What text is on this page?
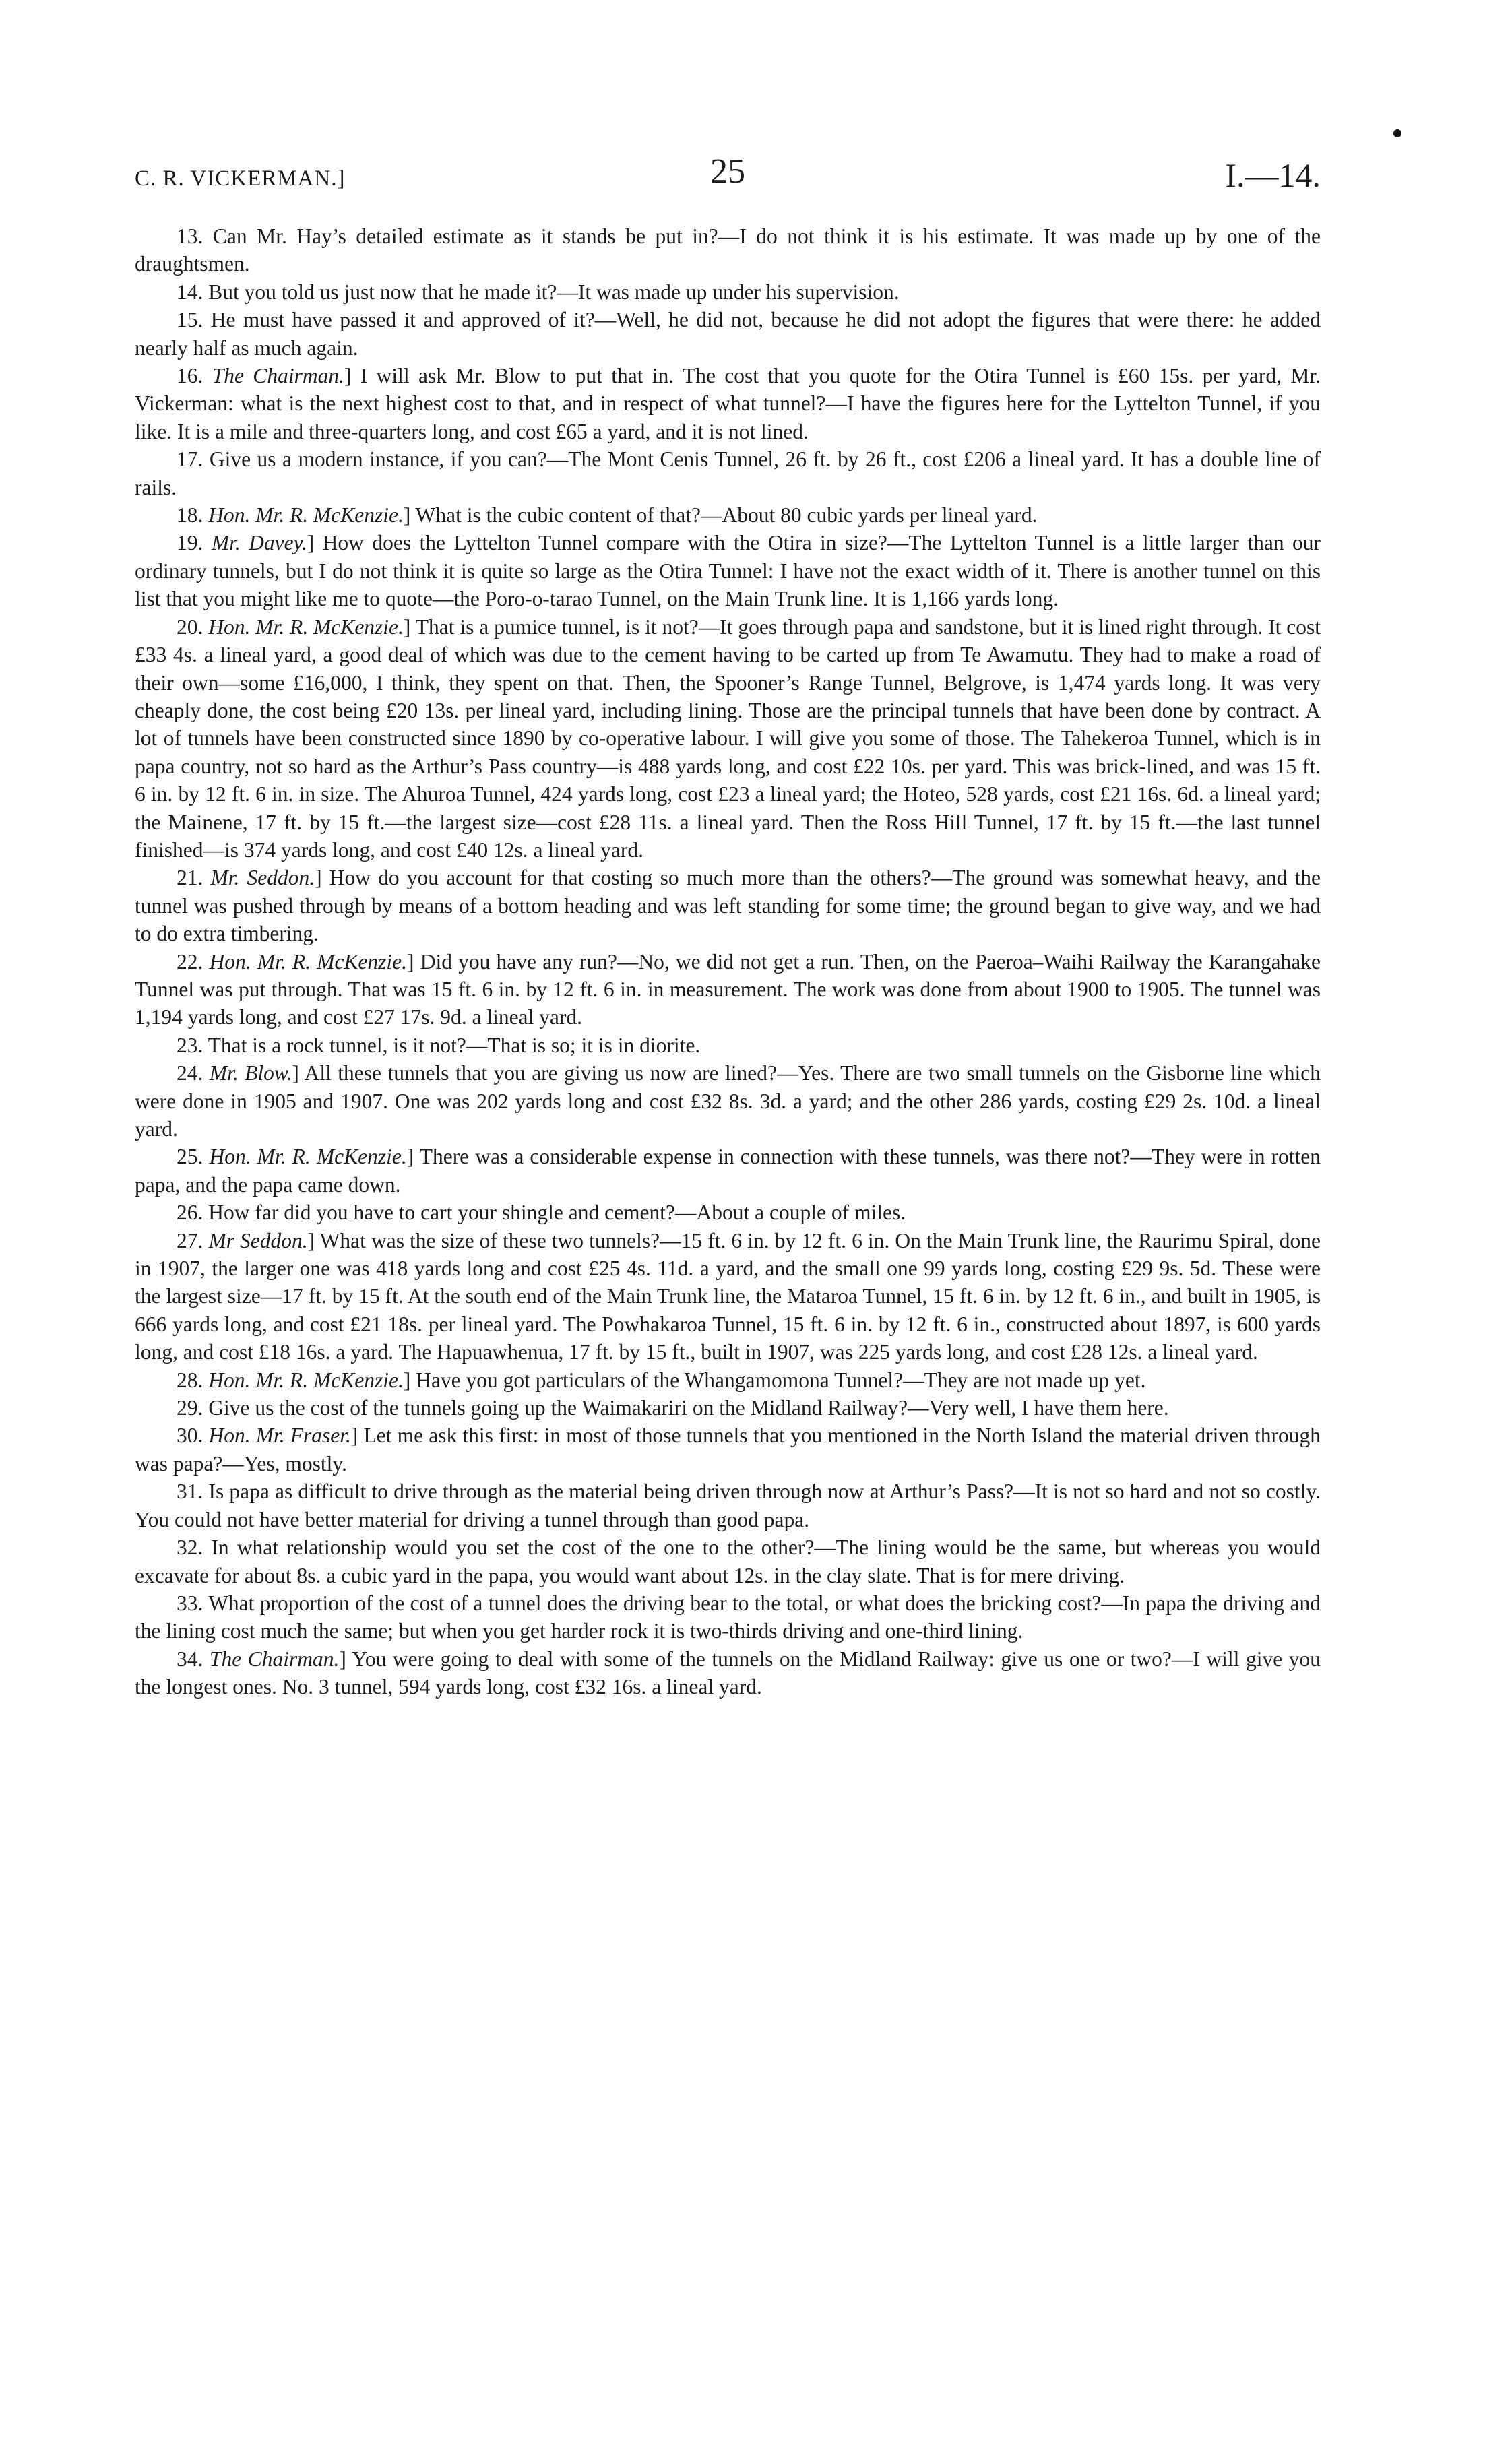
C. R. VICKERMAN.]	25	I.—14.

13. Can Mr. Hay’s detailed estimate as it stands be put in?—I do not think it is his estimate. It was made up by one of the draughtsmen.

14. But you told us just now that he made it?—It was made up under his supervision.

15. He must have passed it and approved of it?—Well, he did not, because he did not adopt the figures that were there: he added nearly half as much again.

16. The Chairman.] I will ask Mr. Blow to put that in. The cost that you quote for the Otira Tunnel is £60 15s. per yard, Mr. Vickerman: what is the next highest cost to that, and in respect of what tunnel?—I have the figures here for the Lyttelton Tunnel, if you like. It is a mile and three-quarters long, and cost £65 a yard, and it is not lined.

17. Give us a modern instance, if you can?—The Mont Cenis Tunnel, 26 ft. by 26 ft., cost £206 a lineal yard. It has a double line of rails.

18. Hon. Mr. R. McKenzie.] What is the cubic content of that?—About 80 cubic yards per lineal yard.

19. Mr. Davey.] How does the Lyttelton Tunnel compare with the Otira in size?—The Lyttelton Tunnel is a little larger than our ordinary tunnels, but I do not think it is quite so large as the Otira Tunnel: I have not the exact width of it. There is another tunnel on this list that you might like me to quote—the Poro-o-tarao Tunnel, on the Main Trunk line. It is 1,166 yards long.

20. Hon. Mr. R. McKenzie.] That is a pumice tunnel, is it not?—It goes through papa and sandstone, but it is lined right through. It cost £33 4s. a lineal yard, a good deal of which was due to the cement having to be carted up from Te Awamutu. They had to make a road of their own—some £16,000, I think, they spent on that. Then, the Spooner’s Range Tunnel, Belgrove, is 1,474 yards long. It was very cheaply done, the cost being £20 13s. per lineal yard, including lining. Those are the principal tunnels that have been done by contract. A lot of tunnels have been constructed since 1890 by co-operative labour. I will give you some of those. The Tahekeroa Tunnel, which is in papa country, not so hard as the Arthur’s Pass country—is 488 yards long, and cost £22 10s. per yard. This was brick-lined, and was 15 ft. 6 in. by 12 ft. 6 in. in size. The Ahuroa Tunnel, 424 yards long, cost £23 a lineal yard; the Hoteo, 528 yards, cost £21 16s. 6d. a lineal yard; the Mainene, 17 ft. by 15 ft.—the largest size—cost £28 11s. a lineal yard. Then the Ross Hill Tunnel, 17 ft. by 15 ft.—the last tunnel finished—is 374 yards long, and cost £40 12s. a lineal yard.

21. Mr. Seddon.] How do you account for that costing so much more than the others?—The ground was somewhat heavy, and the tunnel was pushed through by means of a bottom heading and was left standing for some time; the ground began to give way, and we had to do extra timbering.

22. Hon. Mr. R. McKenzie.] Did you have any run?—No, we did not get a run. Then, on the Paeroa–Waihi Railway the Karangahake Tunnel was put through. That was 15 ft. 6 in. by 12 ft. 6 in. in measurement. The work was done from about 1900 to 1905. The tunnel was 1,194 yards long, and cost £27 17s. 9d. a lineal yard.

23. That is a rock tunnel, is it not?—That is so; it is in diorite.

24. Mr. Blow.] All these tunnels that you are giving us now are lined?—Yes. There are two small tunnels on the Gisborne line which were done in 1905 and 1907. One was 202 yards long and cost £32 8s. 3d. a yard; and the other 286 yards, costing £29 2s. 10d. a lineal yard.

25. Hon. Mr. R. McKenzie.] There was a considerable expense in connection with these tunnels, was there not?—They were in rotten papa, and the papa came down.

26. How far did you have to cart your shingle and cement?—About a couple of miles.

27. Mr Seddon.] What was the size of these two tunnels?—15 ft. 6 in. by 12 ft. 6 in. On the Main Trunk line, the Raurimu Spiral, done in 1907, the larger one was 418 yards long and cost £25 4s. 11d. a yard, and the small one 99 yards long, costing £29 9s. 5d. These were the largest size—17 ft. by 15 ft. At the south end of the Main Trunk line, the Mataroa Tunnel, 15 ft. 6 in. by 12 ft. 6 in., and built in 1905, is 666 yards long, and cost £21 18s. per lineal yard. The Powhakaroa Tunnel, 15 ft. 6 in. by 12 ft. 6 in., constructed about 1897, is 600 yards long, and cost £18 16s. a yard. The Hapuawhenua, 17 ft. by 15 ft., built in 1907, was 225 yards long, and cost £28 12s. a lineal yard.

28. Hon. Mr. R. McKenzie.] Have you got particulars of the Whangamomona Tunnel?—They are not made up yet.

29. Give us the cost of the tunnels going up the Waimakariri on the Midland Railway?—Very well, I have them here.

30. Hon. Mr. Fraser.] Let me ask this first: in most of those tunnels that you mentioned in the North Island the material driven through was papa?—Yes, mostly.

31. Is papa as difficult to drive through as the material being driven through now at Arthur’s Pass?—It is not so hard and not so costly. You could not have better material for driving a tunnel through than good papa.

32. In what relationship would you set the cost of the one to the other?—The lining would be the same, but whereas you would excavate for about 8s. a cubic yard in the papa, you would want about 12s. in the clay slate. That is for mere driving.

33. What proportion of the cost of a tunnel does the driving bear to the total, or what does the bricking cost?—In papa the driving and the lining cost much the same; but when you get harder rock it is two-thirds driving and one-third lining.

34. The Chairman.] You were going to deal with some of the tunnels on the Midland Railway: give us one or two?—I will give you the longest ones. No. 3 tunnel, 594 yards long, cost £32 16s. a lineal yard.
